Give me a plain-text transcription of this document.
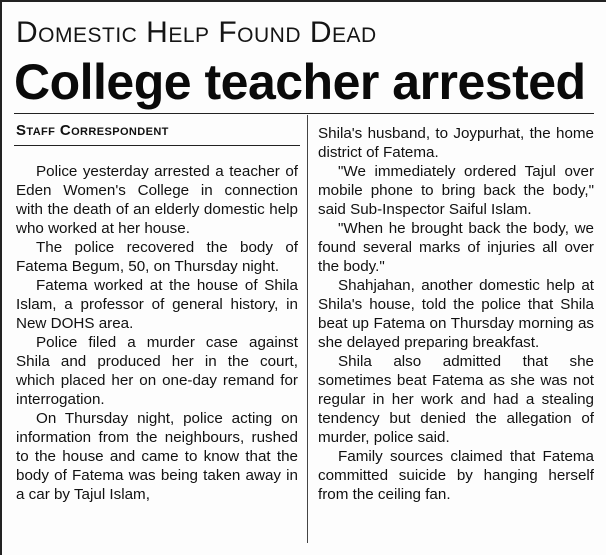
Domestic Help Found Dead
College teacher arrested
Staff Correspondent

Police yesterday arrested a teacher of Eden Women's College in connection with the death of an elderly domestic help who worked at her house.

The police recovered the body of Fatema Begum, 50, on Thursday night.

Fatema worked at the house of Shila Islam, a professor of general history, in New DOHS area.

Police filed a murder case against Shila and produced her in the court, which placed her on one-day remand for interrogation.

On Thursday night, police acting on information from the neighbours, rushed to the house and came to know that the body of Fatema was being taken away in a car by Tajul Islam,

Shila's husband, to Joypurhat, the home district of Fatema.

"We immediately ordered Tajul over mobile phone to bring back the body," said Sub-Inspector Saiful Islam.

"When he brought back the body, we found several marks of injuries all over the body."

Shahjahan, another domestic help at Shila's house, told the police that Shila beat up Fatema on Thursday morning as she delayed preparing breakfast.

Shila also admitted that she sometimes beat Fatema as she was not regular in her work and had a stealing tendency but denied the allegation of murder, police said.

Family sources claimed that Fatema committed suicide by hanging herself from the ceiling fan.
